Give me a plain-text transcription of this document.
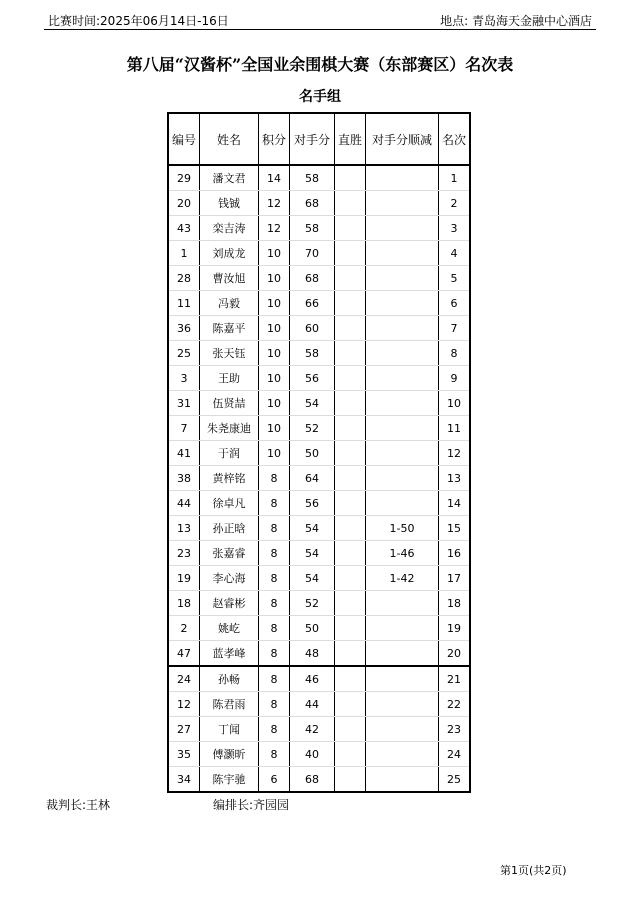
比赛时间:2025年06月14日-16日	地点: 青岛海天金融中心酒店
第八届“汉酱杯”全国业余围棋大赛（东部赛区）名次表
名手组
编号	姓名	积分	对手分	直胜	对手分顺减	名次
29	潘文君	14	58			1
20	钱铖	12	68			2
43	栾吉涛	12	58			3
1	刘成龙	10	70			4
28	曹汝旭	10	68			5
11	冯毅	10	66			6
36	陈嘉平	10	60			7
25	张天钰	10	58			8
3	王助	10	56			9
31	伍贤喆	10	54			10
7	朱尧康迪	10	52			11
41	于润	10	50			12
38	黄梓铭	8	64			13
44	徐卓凡	8	56			14
13	孙正晗	8	54		1-50	15
23	张嘉睿	8	54		1-46	16
19	李心海	8	54		1-42	17
18	赵睿彬	8	52			18
2	姚屹	8	50			19
47	蓝孝峰	8	48			20
24	孙畅	8	46			21
12	陈君雨	8	44			22
27	丁闻	8	42			23
35	傅灏昕	8	40			24
34	陈宇驰	6	68			25
裁判长:王林	编排长:齐园园
第1页(共2页)
